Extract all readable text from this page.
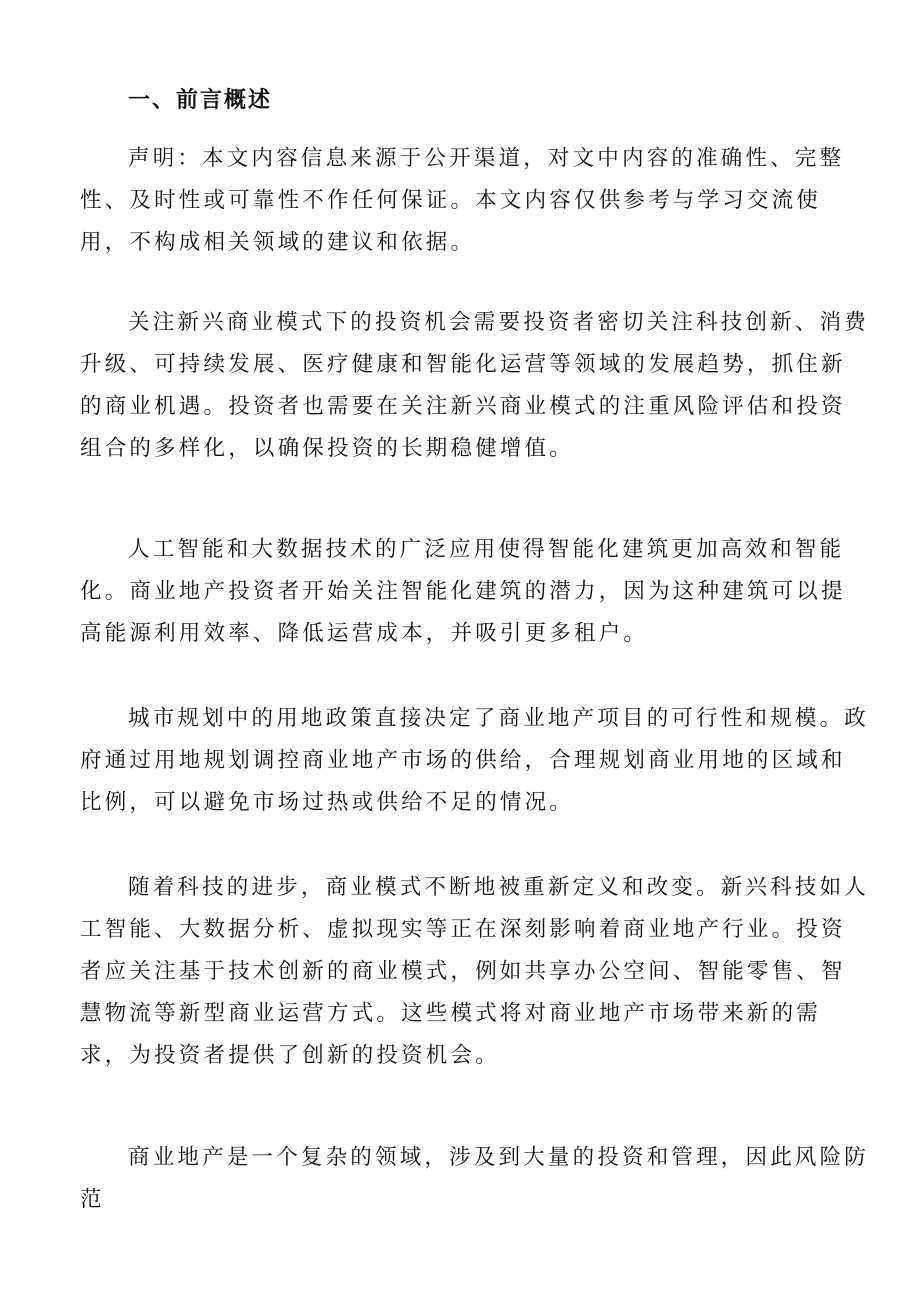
一、前言概述

声明：本文内容信息来源于公开渠道，对文中内容的准确性、完整性、及时性或可靠性不作任何保证。本文内容仅供参考与学习交流使用，不构成相关领域的建议和依据。

关注新兴商业模式下的投资机会需要投资者密切关注科技创新、消费升级、可持续发展、医疗健康和智能化运营等领域的发展趋势，抓住新的商业机遇。投资者也需要在关注新兴商业模式的注重风险评估和投资组合的多样化，以确保投资的长期稳健增值。

人工智能和大数据技术的广泛应用使得智能化建筑更加高效和智能化。商业地产投资者开始关注智能化建筑的潜力，因为这种建筑可以提高能源利用效率、降低运营成本，并吸引更多租户。

城市规划中的用地政策直接决定了商业地产项目的可行性和规模。政府通过用地规划调控商业地产市场的供给，合理规划商业用地的区域和比例，可以避免市场过热或供给不足的情况。

随着科技的进步，商业模式不断地被重新定义和改变。新兴科技如人工智能、大数据分析、虚拟现实等正在深刻影响着商业地产行业。投资者应关注基于技术创新的商业模式，例如共享办公空间、智能零售、智慧物流等新型商业运营方式。这些模式将对商业地产市场带来新的需求，为投资者提供了创新的投资机会。

商业地产是一个复杂的领域，涉及到大量的投资和管理，因此风险防范
